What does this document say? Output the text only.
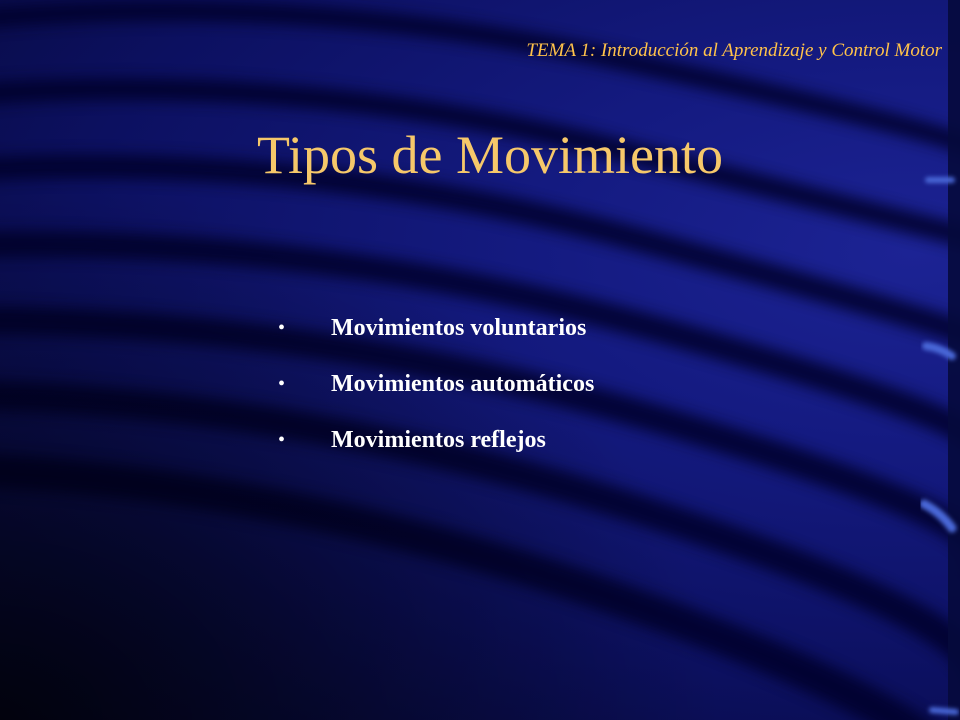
TEMA 1: Introducción al Aprendizaje y Control Motor

Tipos de Movimiento
•	Movimientos voluntarios
•	Movimientos automáticos
•	Movimientos reflejos
